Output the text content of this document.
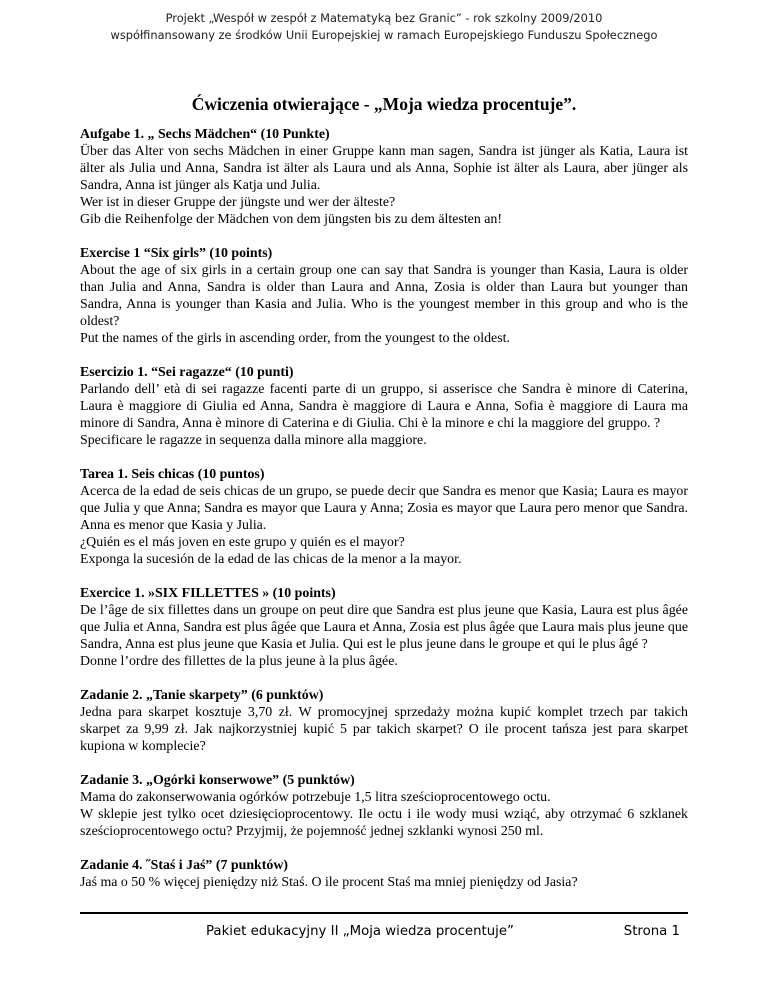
Projekt „Wespół w zespół z Matematyką bez Granic” - rok szkolny 2009/2010
współfinansowany ze środków Unii Europejskiej w ramach Europejskiego Funduszu Społecznego
Ćwiczenia otwierające - „Moja wiedza procentuje”.
Aufgabe 1. „ Sechs Mädchen“ (10 Punkte)

Über das Alter von sechs Mädchen in einer Gruppe kann man sagen, Sandra ist jünger als Katia, Laura ist älter als Julia und Anna, Sandra ist älter als Laura und als Anna, Sophie ist älter als Laura, aber jünger als Sandra, Anna ist jünger als Katja und Julia.

Wer ist in dieser Gruppe der jüngste und wer der älteste?
Gib die Reihenfolge der Mädchen von dem jüngsten bis zu dem ältesten an!
Exercise 1 “Six girls” (10 points)

About the age of six girls in a certain group one can say that Sandra is younger than Kasia, Laura is older than Julia and Anna, Sandra is older than Laura and Anna, Zosia is older than Laura but younger than Sandra, Anna is younger than Kasia and Julia. Who is the youngest member in this group and who is the oldest?

Put the names of the girls in ascending order, from the youngest to the oldest.
Esercizio 1. “Sei ragazze“ (10 punti)

Parlando dell’ età di sei ragazze facenti parte di un gruppo, si asserisce che Sandra è minore di Caterina, Laura è maggiore di Giulia ed Anna, Sandra è maggiore di Laura e Anna, Sofia è maggiore di Laura ma minore di Sandra, Anna è minore di Caterina e di Giulia. Chi è la minore e chi la maggiore del gruppo. ?

Specificare le ragazze in sequenza dalla minore alla maggiore.
Tarea 1. Seis chicas (10 puntos)

Acerca de la edad de seis chicas de un grupo, se puede decir que Sandra es menor que Kasia; Laura es mayor que Julia y que Anna; Sandra es mayor que Laura y Anna; Zosia es mayor que Laura pero menor que Sandra. Anna es menor que Kasia y Julia.

¿Quién es el más joven en este grupo y quién es el mayor?
Exponga la sucesión de la edad de las chicas de la menor a la mayor.
Exercice 1. »SIX FILLETTES » (10 points)

De l’âge de six fillettes dans un groupe on peut dire que Sandra est plus jeune que Kasia, Laura est plus âgée que Julia et Anna, Sandra est plus âgée que Laura et Anna, Zosia est plus âgée que Laura mais plus jeune que Sandra, Anna est plus jeune que Kasia et Julia. Qui est le plus jeune dans le groupe et qui le plus âgé ?

Donne l’ordre des fillettes de la plus jeune à la plus âgée.
Zadanie 2. „Tanie skarpety” (6 punktów)

Jedna para skarpet kosztuje 3,70 zł. W promocyjnej sprzedaży można kupić komplet trzech par takich skarpet za 9,99 zł. Jak najkorzystniej kupić 5 par takich skarpet? O ile procent tańsza jest para skarpet kupiona w komplecie?

Zadanie 3. „Ogórki konserwowe” (5 punktów)

Mama do zakonserwowania ogórków potrzebuje 1,5 litra sześcioprocentowego octu.

W sklepie jest tylko ocet dziesięcioprocentowy. Ile octu i ile wody musi wziąć, aby otrzymać 6 szklanek sześcioprocentowego octu? Przyjmij, że pojemność jednej szklanki wynosi 250 ml.

Zadanie 4. ˝Staś i Jaś” (7 punktów)

Jaś ma o 50 % więcej pieniędzy niż Staś. O ile procent Staś ma mniej pieniędzy od Jasia?

Pakiet edukacyjny II „Moja wiedza procentuje”	Strona 1
